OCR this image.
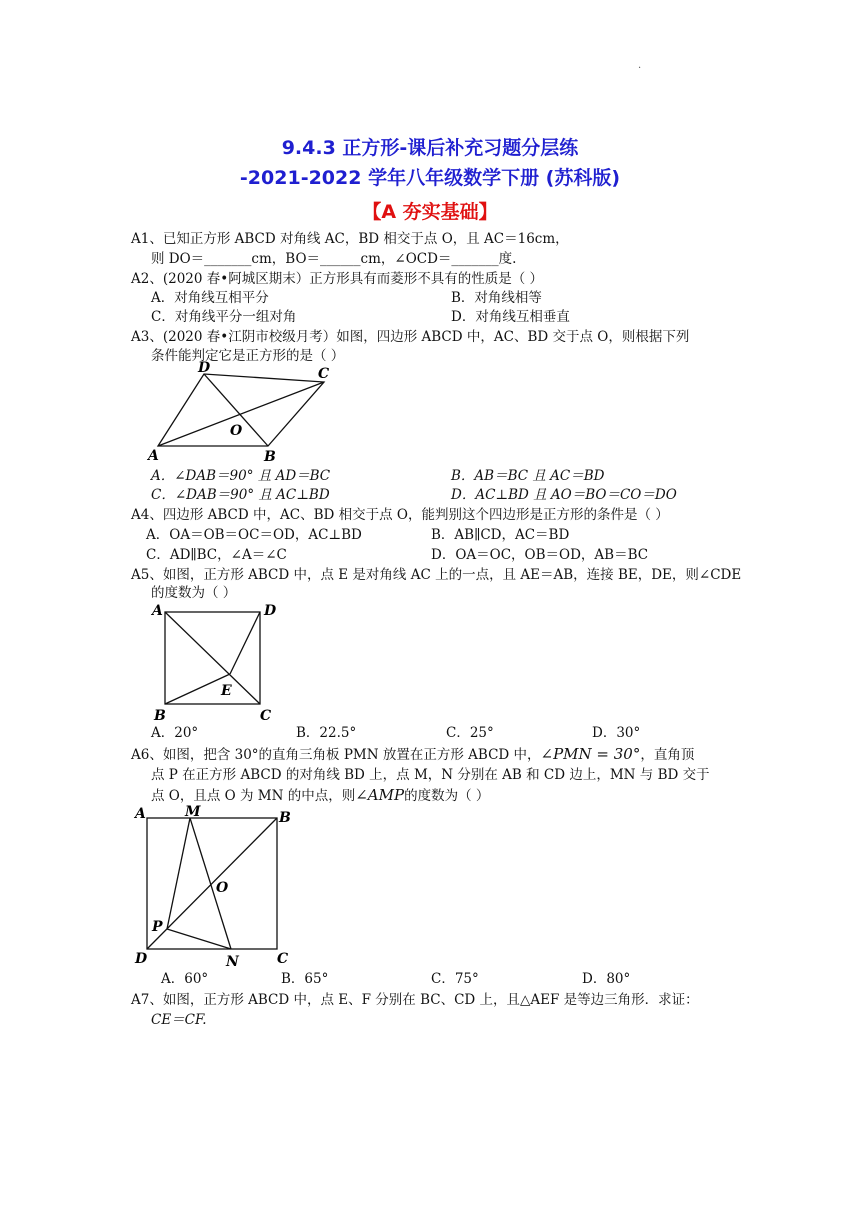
.
9.4.3 正方形-课后补充习题分层练
-2021-2022 学年八年级数学下册 (苏科版)
【A 夯实基础】
A1、已知正方形 ABCD 对角线 AC，BD 相交于点 O，且 AC＝16cm，
则 DO＝_______cm，BO＝______cm，∠OCD＝_______度.
A2、(2020 春•阿城区期末）正方形具有而菱形不具有的性质是（ ）
A．对角线互相平分	B．对角线相等
C．对角线平分一组对角	D．对角线互相垂直
A3、(2020 春•江阴市校级月考）如图，四边形 ABCD 中，AC、BD 交于点 O，则根据下列
条件能判定它是正方形的是（ ）
A	B
C
D
O
A．∠DAB＝90° 且 AD＝BC	B．AB＝BC 且 AC＝BD
C．∠DAB＝90° 且 AC⊥BD	D．AC⊥BD 且 AO＝BO＝CO＝DO
A4、四边形 ABCD 中，AC、BD 相交于点 O，能判别这个四边形是正方形的条件是（ ）
A．OA＝OB＝OC＝OD，AC⊥BD	B．AB∥CD，AC＝BD
C．AD∥BC，∠A＝∠C	D．OA＝OC，OB＝OD，AB＝BC
A5、如图，正方形 ABCD 中，点 E 是对角线 AC 上的一点，且 AE＝AB，连接 BE，DE，则∠CDE
的度数为（ ）
A	D
B	C
E
A．20°	B．22.5°	C．25°	D．30°
A6、如图，把含 30°的直角三角板 PMN 放置在正方形 ABCD 中，∠PMN = 30°，直角顶
点 P 在正方形 ABCD 的对角线 BD 上，点 M，N 分别在 AB 和 CD 边上，MN 与 BD 交于
点 O，且点 O 为 MN 的中点，则∠AMP的度数为（ ）
A	M	B
O
P
D	N	C
A．60°	B．65°	C．75°	D．80°
A7、如图，正方形 ABCD 中，点 E、F 分别在 BC、CD 上，且△AEF 是等边三角形．求证：
CE＝CF.
